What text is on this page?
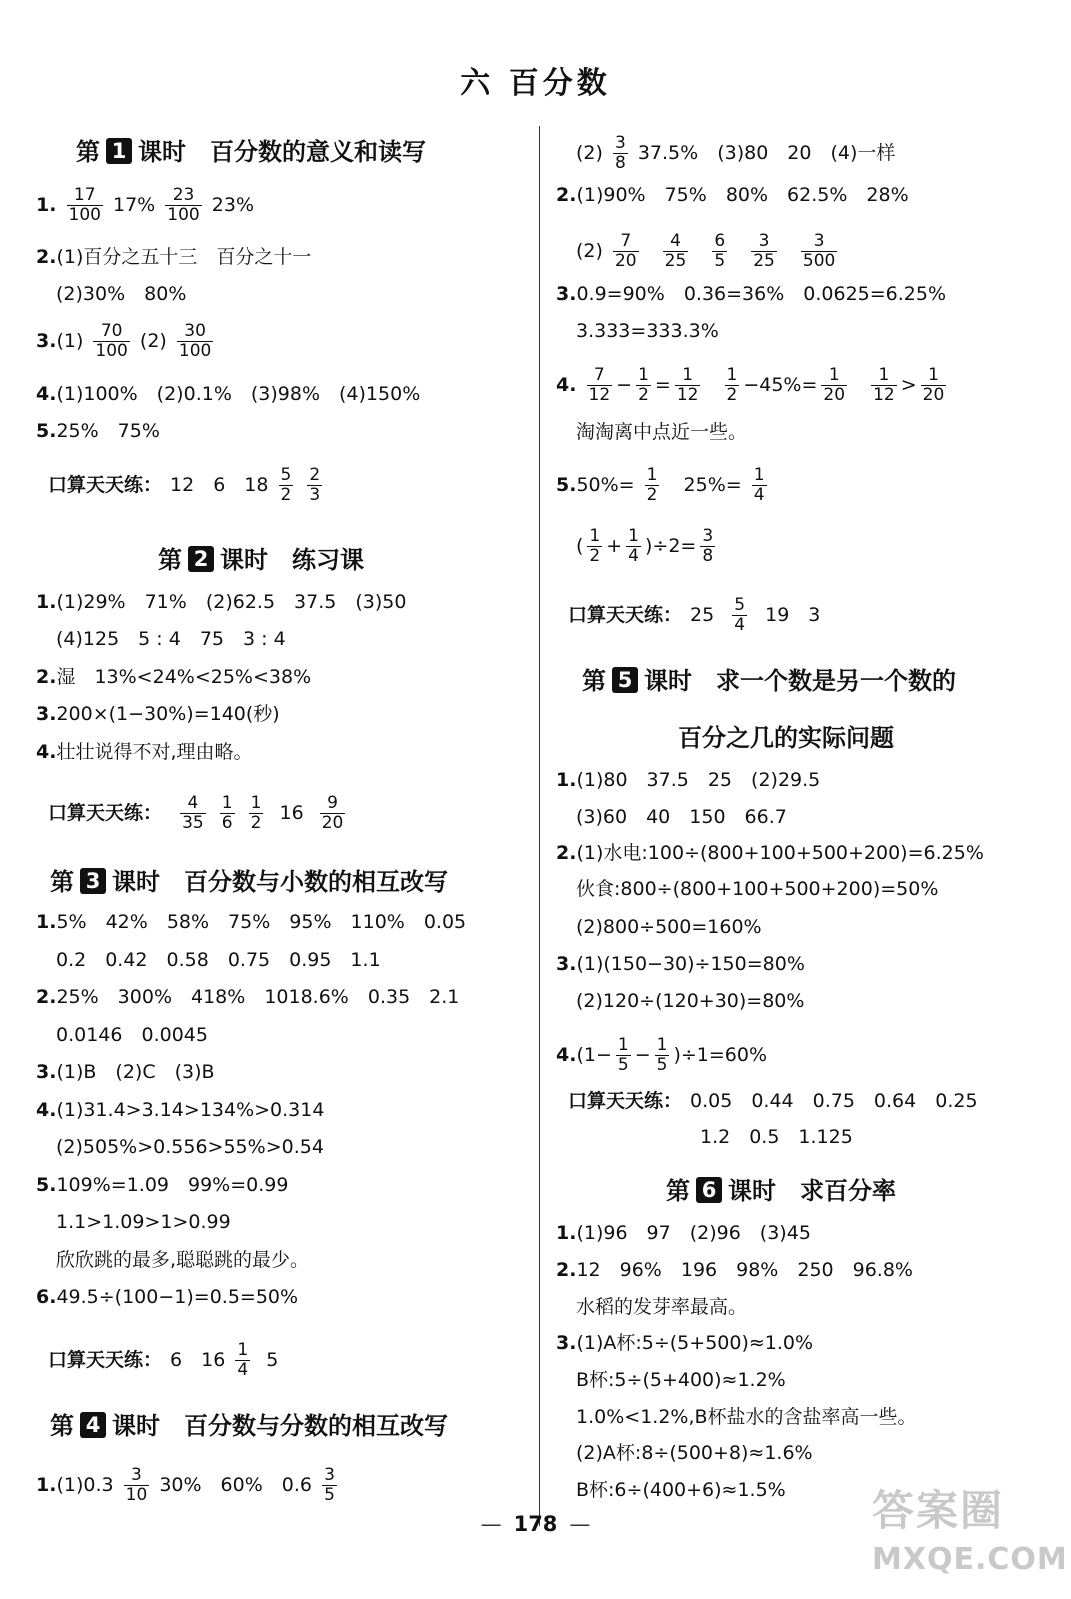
六 百分数
第 1 课时 百分数的意义和读写
1. $\frac{17}{100} 17\% \frac{23}{100} 23\%$
2.(1)百分之五十三　百分之十一
(2)30%　80%
$3.(1) \frac{70}{100} (2) \frac{30}{100}$
4.(1)100%　(2)0.1%　(3)98%　(4)150%
5.25%　75%
口算天天练： 12　6　$18 \frac{5}{2}$
$\frac{2}{3}$
第 2 课时 练习课
1.(1)29%　71%　(2)62.5　37.5　(3)50
(4)125　5 : 4　75　3 : 4
2.湿　13%<24%<25%<38%
3.200×(1−30%)=140(秒)
4.壮壮说得不对,理由略。
口算天天练： $\frac{4}{35}$
$\frac{1}{6}$
$\frac{1}{2} 16 \frac{9}{20}$
第 3 课时 百分数与小数的相互改写
1.5%　42%　58%　75%　95%　110%　0.05
0.2　0.42　0.58　0.75　0.95　1.1
2.25%　300%　418%　1018.6%　0.35　2.1
0.0146　0.0045
3.(1)B　(2)C　(3)B
4.(1)31.4>3.14>134%>0.314
(2)505%>0.556>55%>0.54
5.109%=1.09　99%=0.99
1.1>1.09>1>0.99
欣欣跳的最多,聪聪跳的最少。
6.49.5÷(100−1)=0.5=50%
口算天天练： 6　$16 \frac{1}{4} 5$
第 4 课时 百分数与分数的相互改写
$1.(1)0.3 \frac{3}{10} 30\%$　60%　$0.6 \frac{3}{5}$
$(2) \frac{3}{8} 37.5\%$　(3)80　20　(4)一样
2.(1)90%　75%　80%　62.5%　28%
$(2) \frac{7}{20}$
$\frac{4}{25}$
$\frac{6}{5}$
$\frac{3}{25}$
$\frac{3}{500}$
3.0.9=90%　0.36=36%　0.0625=6.25%
3.333=333.3%
4. $\frac{7}{12} - \frac{1}{2} = \frac{1}{12}$
$\frac{1}{2} -45\%= \frac{1}{20}$
$\frac{1}{12} > \frac{1}{20}$
淘淘离中点近一些。
$5.50\%= \frac{1}{2} 25\%= \frac{1}{4}$
( $\frac{1}{2} + \frac{1}{4} )\div 2= \frac{3}{8}$
口算天天练： $25 \frac{5}{4} 19$　3
第 5 课时 求一个数是另一个数的
百分之几的实际问题
1.(1)80　37.5　25　(2)29.5
(3)60　40　150　66.7
2.(1)水电:100÷(800+100+500+200)=6.25%
伙食:800÷(800+100+500+200)=50%
(2)800÷500=160%
3.(1)(150−30)÷150=80%
(2)120÷(120+30)=80%
$4.(1- \frac{1}{5} - \frac{1}{5} )\div 1=60\%$
口算天天练： 0.05　0.44　0.75　0.64　0.25
1.2　0.5　1.125
第 6 课时 求百分率
1.(1)96　97　(2)96　(3)45
2.12　96%　196　98%　250　96.8%
水稻的发芽率最高。
3.(1)A杯:5÷(5+500)≈1.0%
B杯:5÷(5+400)≈1.2%
1.0%<1.2%,B杯盐水的含盐率高一些。
(2)A杯:8÷(500+8)≈1.6%
B杯:6÷(400+6)≈1.5%
— 178 —	答案圈
MXQE.COM
